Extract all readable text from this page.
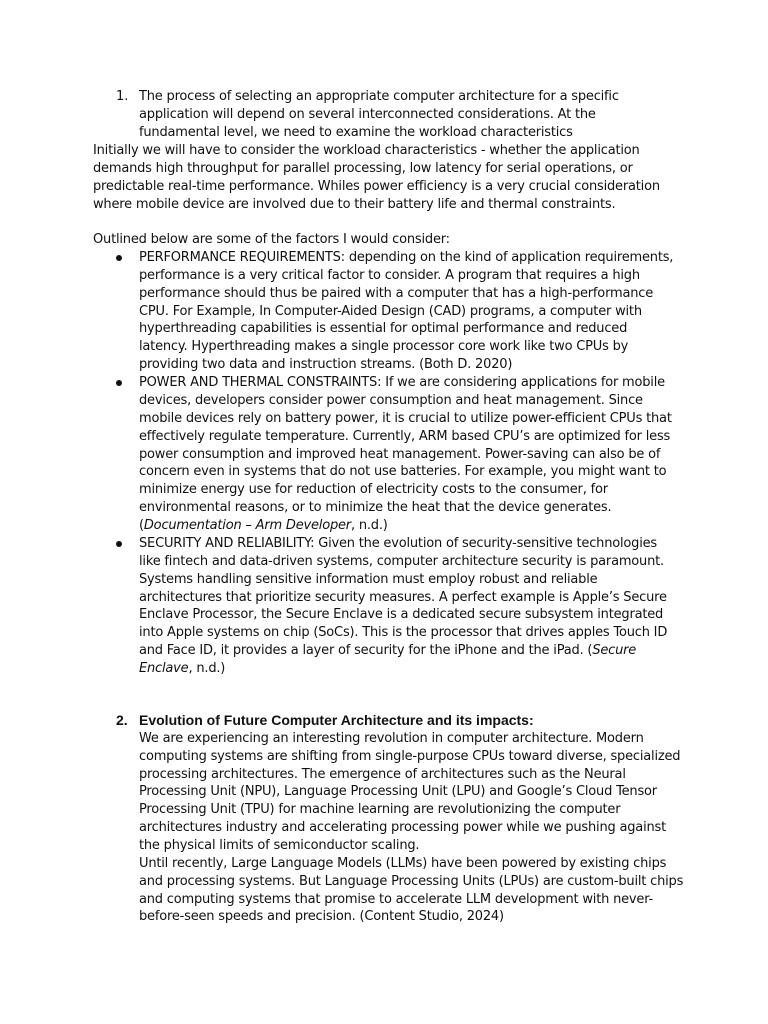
1. The process of selecting an appropriate computer architecture for a specific
application will depend on several interconnected considerations. At the
fundamental level, we need to examine the workload characteristics
Initially we will have to consider the workload characteristics - whether the application
demands high throughput for parallel processing, low latency for serial operations, or
predictable real-time performance. Whiles power efficiency is a very crucial consideration
where mobile device are involved due to their battery life and thermal constraints.
Outlined below are some of the factors I would consider:
PERFORMANCE REQUIREMENTS: depending on the kind of application requirements,
performance is a very critical factor to consider. A program that requires a high
performance should thus be paired with a computer that has a high-performance
CPU. For Example, In Computer-Aided Design (CAD) programs, a computer with
hyperthreading capabilities is essential for optimal performance and reduced
latency. Hyperthreading makes a single processor core work like two CPUs by
providing two data and instruction streams. (Both D. 2020)
POWER AND THERMAL CONSTRAINTS: If we are considering applications for mobile
devices, developers consider power consumption and heat management. Since
mobile devices rely on battery power, it is crucial to utilize power-efficient CPUs that
effectively regulate temperature. Currently, ARM based CPU’s are optimized for less
power consumption and improved heat management. Power-saving can also be of
concern even in systems that do not use batteries. For example, you might want to
minimize energy use for reduction of electricity costs to the consumer, for
environmental reasons, or to minimize the heat that the device generates.
(Documentation – Arm Developer, n.d.)
SECURITY AND RELIABILITY: Given the evolution of security-sensitive technologies
like fintech and data-driven systems, computer architecture security is paramount.
Systems handling sensitive information must employ robust and reliable
architectures that prioritize security measures. A perfect example is Apple’s Secure
Enclave Processor, the Secure Enclave is a dedicated secure subsystem integrated
into Apple systems on chip (SoCs). This is the processor that drives apples Touch ID
and Face ID, it provides a layer of security for the iPhone and the iPad. (Secure
Enclave, n.d.)
2. Evolution of Future Computer Architecture and its impacts:
We are experiencing an interesting revolution in computer architecture. Modern
computing systems are shifting from single-purpose CPUs toward diverse, specialized
processing architectures. The emergence of architectures such as the Neural
Processing Unit (NPU), Language Processing Unit (LPU) and Google’s Cloud Tensor
Processing Unit (TPU) for machine learning are revolutionizing the computer
architectures industry and accelerating processing power while we pushing against
the physical limits of semiconductor scaling.
Until recently, Large Language Models (LLMs) have been powered by existing chips
and processing systems. But Language Processing Units (LPUs) are custom-built chips
and computing systems that promise to accelerate LLM development with never-
before-seen speeds and precision. (Content Studio, 2024)
